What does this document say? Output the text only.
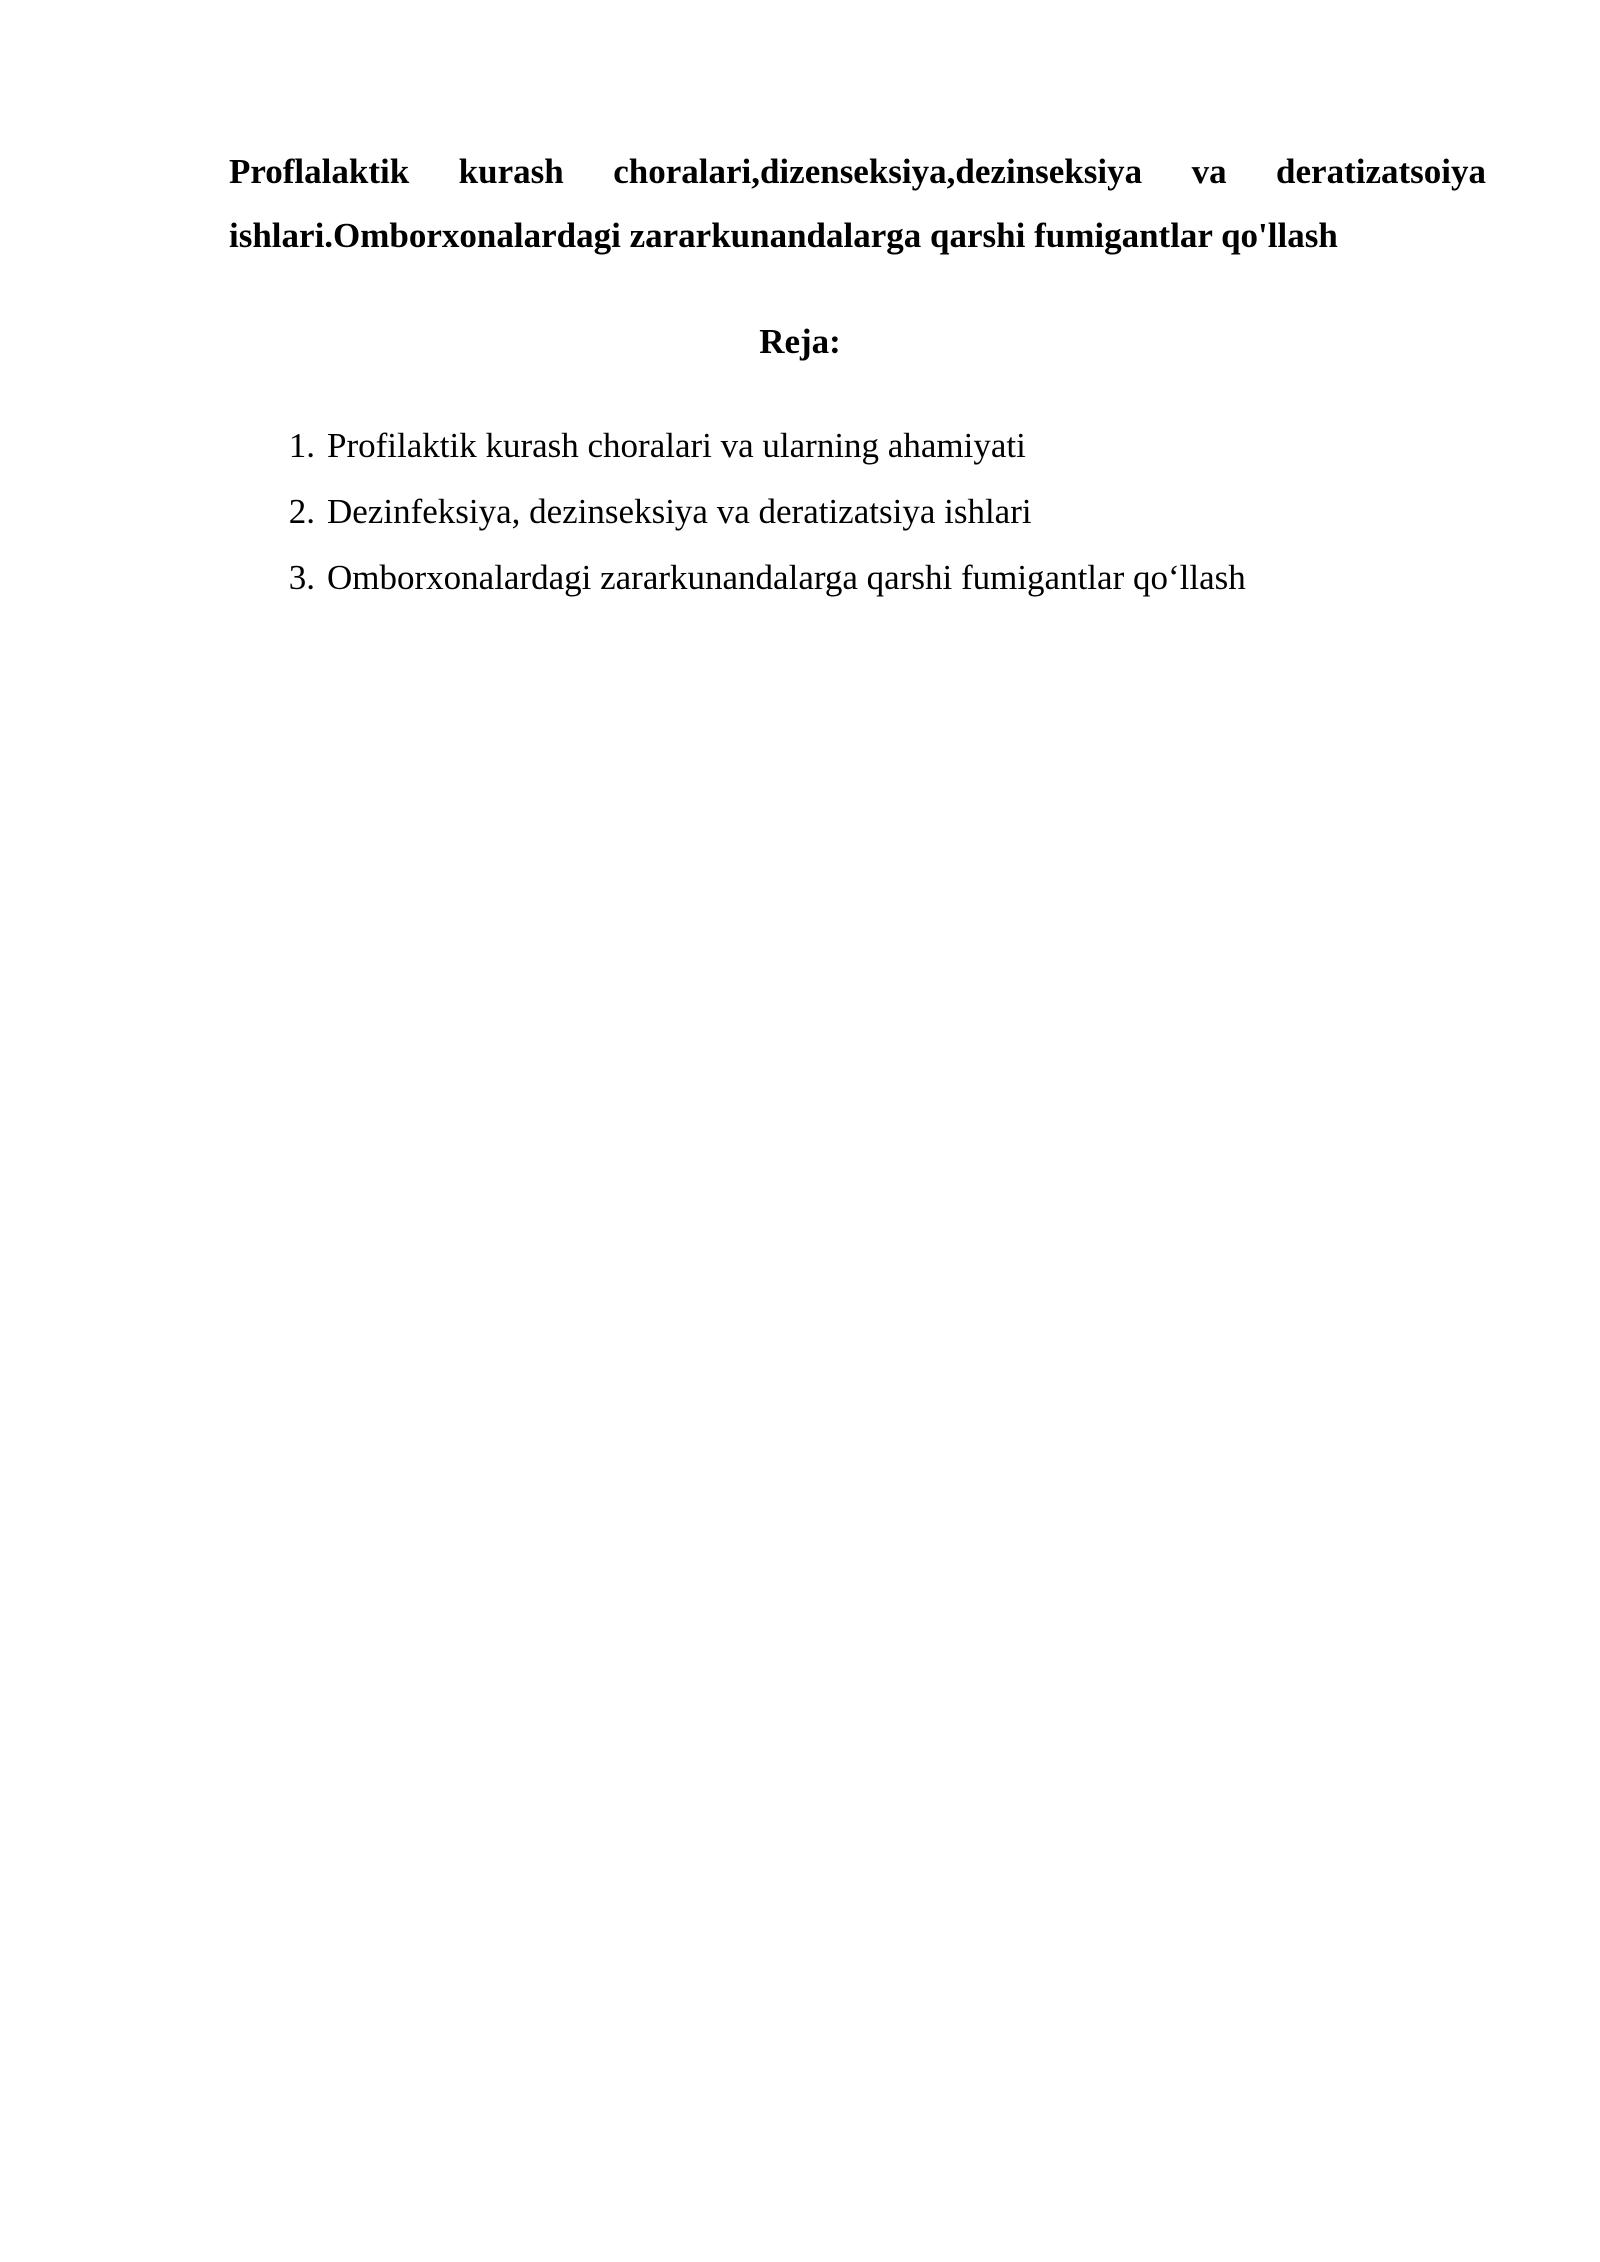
Proflalaktik kurash choralari,dizenseksiya,dezinseksiya va deratizatsoiya ishlari.Omborxonalardagi zararkunandalarga qarshi fumigantlar qo'llash

Reja:

1. Profilaktik kurash choralari va ularning ahamiyati
2. Dezinfeksiya, dezinseksiya va deratizatsiya ishlari
3. Omborxonalardagi zararkunandalarga qarshi fumigantlar qo‘llash
